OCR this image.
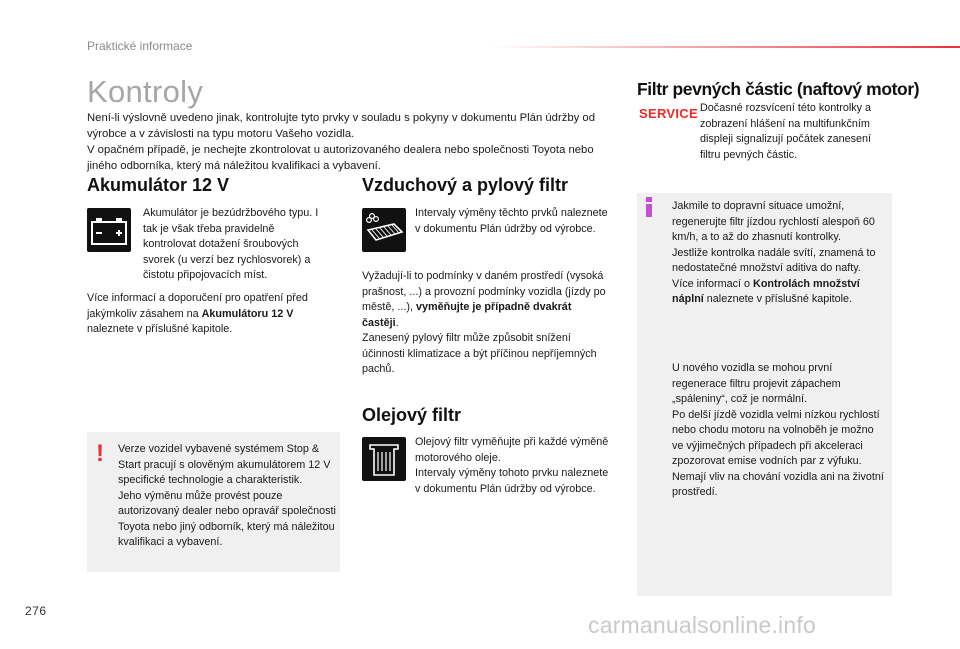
Praktické informace
Kontroly

Není-li výslovně uvedeno jinak, kontrolujte tyto prvky v souladu s pokyny v dokumentu Plán údržby od výrobce a v závislosti na typu motoru Vašeho vozidla.

V opačném případě, je nechejte zkontrolovat u autorizovaného dealera nebo společnosti Toyota nebo jiného odborníka, který má náležitou kvalifikaci a vybavení.

Akumulátor 12 V
Akumulátor je bezúdržbového typu. I tak je však třeba pravidelně kontrolovat dotažení šroubových svorek (u verzí bez rychlosvorek) a čistotu připojovacích míst.
Více informací a doporučení pro opatření před jakýmkoliv zásahem na Akumulátoru 12 V naleznete v příslušné kapitole.
! Verze vozidel vybavené systémem Stop & Start pracují s olověným akumulátorem 12 V specifické technologie a charakteristik.

Jeho výměnu může provést pouze autorizovaný dealer nebo opravář společnosti Toyota nebo jiný odborník, který má náležitou kvalifikaci a vybavení.

Vzduchový a pylový filtr
Intervaly výměny těchto prvků naleznete v dokumentu Plán údržby od výrobce.

Vyžadují-li to podmínky v daném prostředí (vysoká prašnost, ...) a provozní podmínky vozidla (jízdy po městě, ...), vyměňujte je případně dvakrát častěji.

Zanesený pylový filtr může způsobit snížení účinnosti klimatizace a být příčinou nepříjemných pachů.

Olejový filtr

Olejový filtr vyměňujte při každé výměně motorového oleje.

Intervaly výměny tohoto prvku naleznete v dokumentu Plán údržby od výrobce.

Filtr pevných částic (naftový motor)
SERVICE Dočasné rozsvícení této kontrolky a zobrazení hlášení na multifunkčním displeji signalizují počátek zanesení filtru pevných částic.

Jakmile to dopravní situace umožní, regenerujte filtr jízdou rychlostí alespoň 60 km/h, a to až do zhasnutí kontrolky.

Jestliže kontrolka nadále svítí, znamená to nedostatečné množství aditiva do nafty.

Více informací o Kontrolách množství náplní naleznete v příslušné kapitole.

U nového vozidla se mohou první regenerace filtru projevit zápachem „spáleniny“, což je normální.

Po delší jízdě vozidla velmi nízkou rychlostí nebo chodu motoru na volnoběh je možno ve výjimečných případech při akceleraci zpozorovat emise vodních par z výfuku. Nemají vliv na chování vozidla ani na životní prostředí.

276
carmanualsonline.info
